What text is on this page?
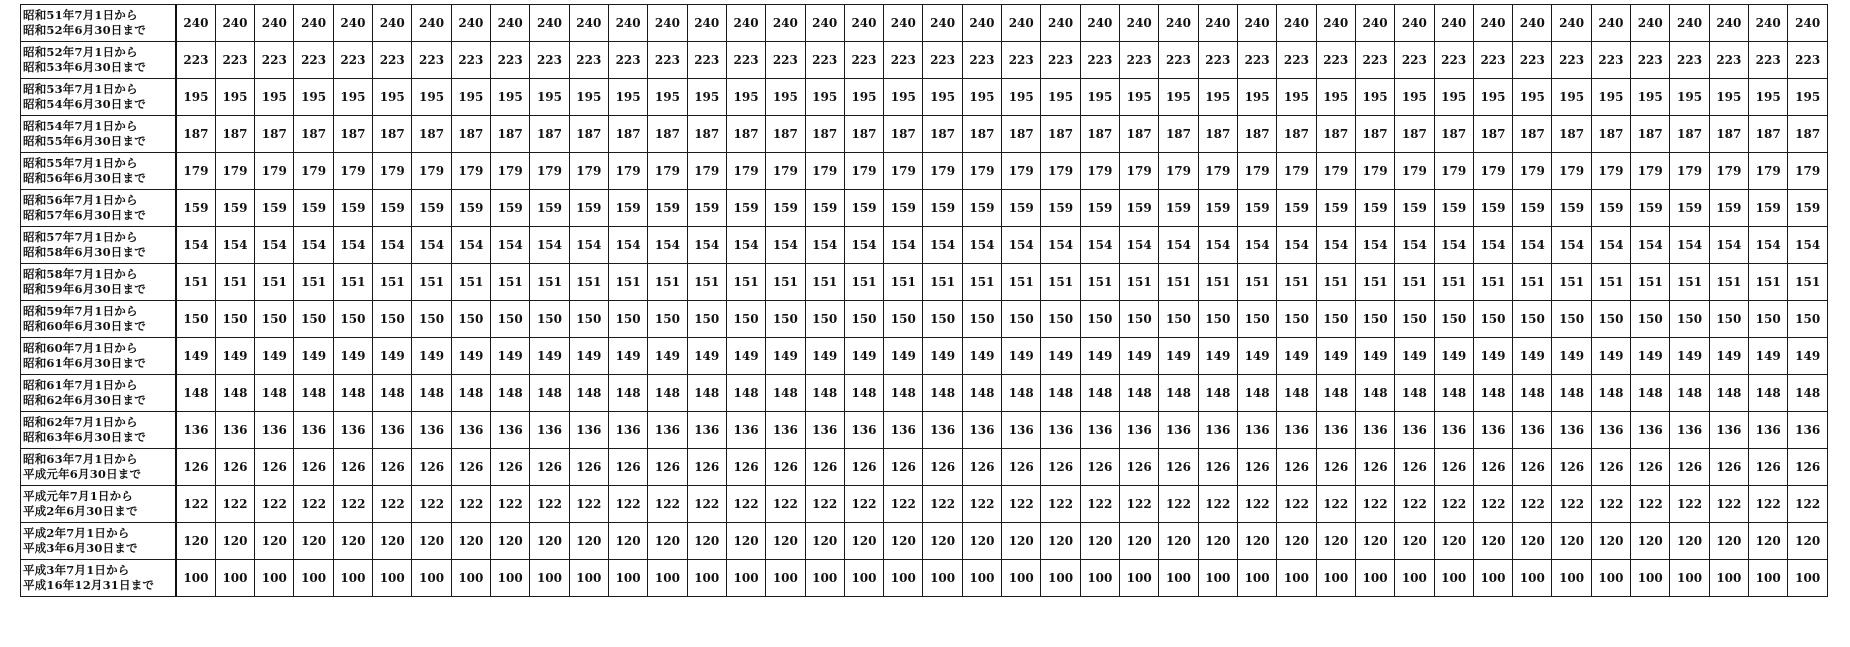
昭和51年7月1日から
昭和52年6月30日まで	240	240	240	240	240	240	240	240	240	240	240	240	240	240	240	240	240	240	240	240	240	240	240	240	240	240	240	240	240	240	240	240	240	240	240	240	240	240	240	240	240	240

昭和52年7月1日から
昭和53年6月30日まで	223	223	223	223	223	223	223	223	223	223	223	223	223	223	223	223	223	223	223	223	223	223	223	223	223	223	223	223	223	223	223	223	223	223	223	223	223	223	223	223	223	223

昭和53年7月1日から
昭和54年6月30日まで	195	195	195	195	195	195	195	195	195	195	195	195	195	195	195	195	195	195	195	195	195	195	195	195	195	195	195	195	195	195	195	195	195	195	195	195	195	195	195	195	195	195

昭和54年7月1日から
昭和55年6月30日まで	187	187	187	187	187	187	187	187	187	187	187	187	187	187	187	187	187	187	187	187	187	187	187	187	187	187	187	187	187	187	187	187	187	187	187	187	187	187	187	187	187	187

昭和55年7月1日から
昭和56年6月30日まで	179	179	179	179	179	179	179	179	179	179	179	179	179	179	179	179	179	179	179	179	179	179	179	179	179	179	179	179	179	179	179	179	179	179	179	179	179	179	179	179	179	179

昭和56年7月1日から
昭和57年6月30日まで	159	159	159	159	159	159	159	159	159	159	159	159	159	159	159	159	159	159	159	159	159	159	159	159	159	159	159	159	159	159	159	159	159	159	159	159	159	159	159	159	159	159

昭和57年7月1日から
昭和58年6月30日まで	154	154	154	154	154	154	154	154	154	154	154	154	154	154	154	154	154	154	154	154	154	154	154	154	154	154	154	154	154	154	154	154	154	154	154	154	154	154	154	154	154	154

昭和58年7月1日から
昭和59年6月30日まで	151	151	151	151	151	151	151	151	151	151	151	151	151	151	151	151	151	151	151	151	151	151	151	151	151	151	151	151	151	151	151	151	151	151	151	151	151	151	151	151	151	151

昭和59年7月1日から
昭和60年6月30日まで	150	150	150	150	150	150	150	150	150	150	150	150	150	150	150	150	150	150	150	150	150	150	150	150	150	150	150	150	150	150	150	150	150	150	150	150	150	150	150	150	150	150

昭和60年7月1日から
昭和61年6月30日まで	149	149	149	149	149	149	149	149	149	149	149	149	149	149	149	149	149	149	149	149	149	149	149	149	149	149	149	149	149	149	149	149	149	149	149	149	149	149	149	149	149	149

昭和61年7月1日から
昭和62年6月30日まで	148	148	148	148	148	148	148	148	148	148	148	148	148	148	148	148	148	148	148	148	148	148	148	148	148	148	148	148	148	148	148	148	148	148	148	148	148	148	148	148	148	148

昭和62年7月1日から
昭和63年6月30日まで	136	136	136	136	136	136	136	136	136	136	136	136	136	136	136	136	136	136	136	136	136	136	136	136	136	136	136	136	136	136	136	136	136	136	136	136	136	136	136	136	136	136

昭和63年7月1日から
平成元年6月30日まで	126	126	126	126	126	126	126	126	126	126	126	126	126	126	126	126	126	126	126	126	126	126	126	126	126	126	126	126	126	126	126	126	126	126	126	126	126	126	126	126	126	126

平成元年7月1日から
平成2年6月30日まで	122	122	122	122	122	122	122	122	122	122	122	122	122	122	122	122	122	122	122	122	122	122	122	122	122	122	122	122	122	122	122	122	122	122	122	122	122	122	122	122	122	122

平成2年7月1日から
平成3年6月30日まで	120	120	120	120	120	120	120	120	120	120	120	120	120	120	120	120	120	120	120	120	120	120	120	120	120	120	120	120	120	120	120	120	120	120	120	120	120	120	120	120	120	120

平成3年7月1日から
平成16年12月31日まで	100	100	100	100	100	100	100	100	100	100	100	100	100	100	100	100	100	100	100	100	100	100	100	100	100	100	100	100	100	100	100	100	100	100	100	100	100	100	100	100	100	100
